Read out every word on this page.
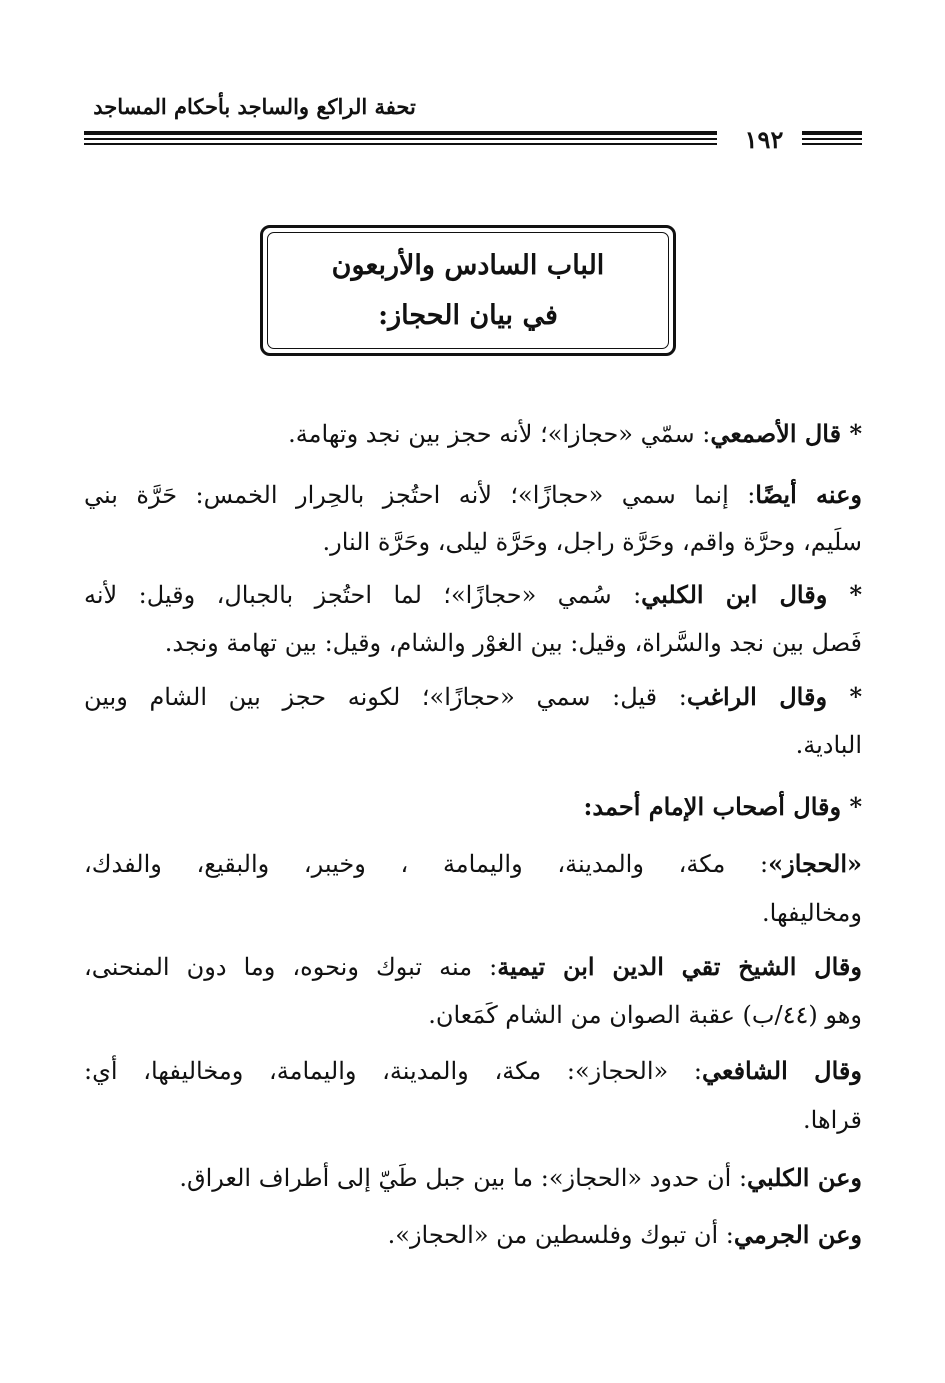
تحفة الراكع والساجد بأحكام المساجد
١٩٢
الباب السادس والأربعون
في بيان الحجاز:
* قال الأصمعي: سمّي «حجازا»؛ لأنه حجز بين نجد وتهامة.
وعنه أيضًا: إنما سمي «حجازًا»؛ لأنه احتُجز بالحِرار الخمس: حَرَّة بني
سلَيم، وحرَّة واقم، وحَرَّة راجل، وحَرَّة ليلى، وحَرَّة النار.
* وقال ابن الكلبي: سُمي «حجازًا»؛ لما احتُجز بالجبال، وقيل: لأنه
فَصل بين نجد والسَّراة، وقيل: بين الغوْر والشام، وقيل: بين تهامة ونجد.
* وقال الراغب: قيل: سمي «حجازًا»؛ لكونه حجز بين الشام وبين
البادية.
* وقال أصحاب الإمام أحمد:
«الحجاز»: مكة، والمدينة، واليمامة ، وخيبر، والبقيع، والفدك،
ومخاليفها.
وقال الشيخ تقي الدين ابن تيمية: منه تبوك ونحوه، وما دون المنحنى،
وهو (٤٤/ب) عقبة الصوان من الشام كَمَعان.
وقال الشافعي: «الحجاز»: مكة، والمدينة، واليمامة، ومخاليفها، أي:
قراها.
وعن الكلبي: أن حدود «الحجاز»: ما بين جبل طَيّ إلى أطراف العراق.
وعن الجرمي: أن تبوك وفلسطين من «الحجاز».
